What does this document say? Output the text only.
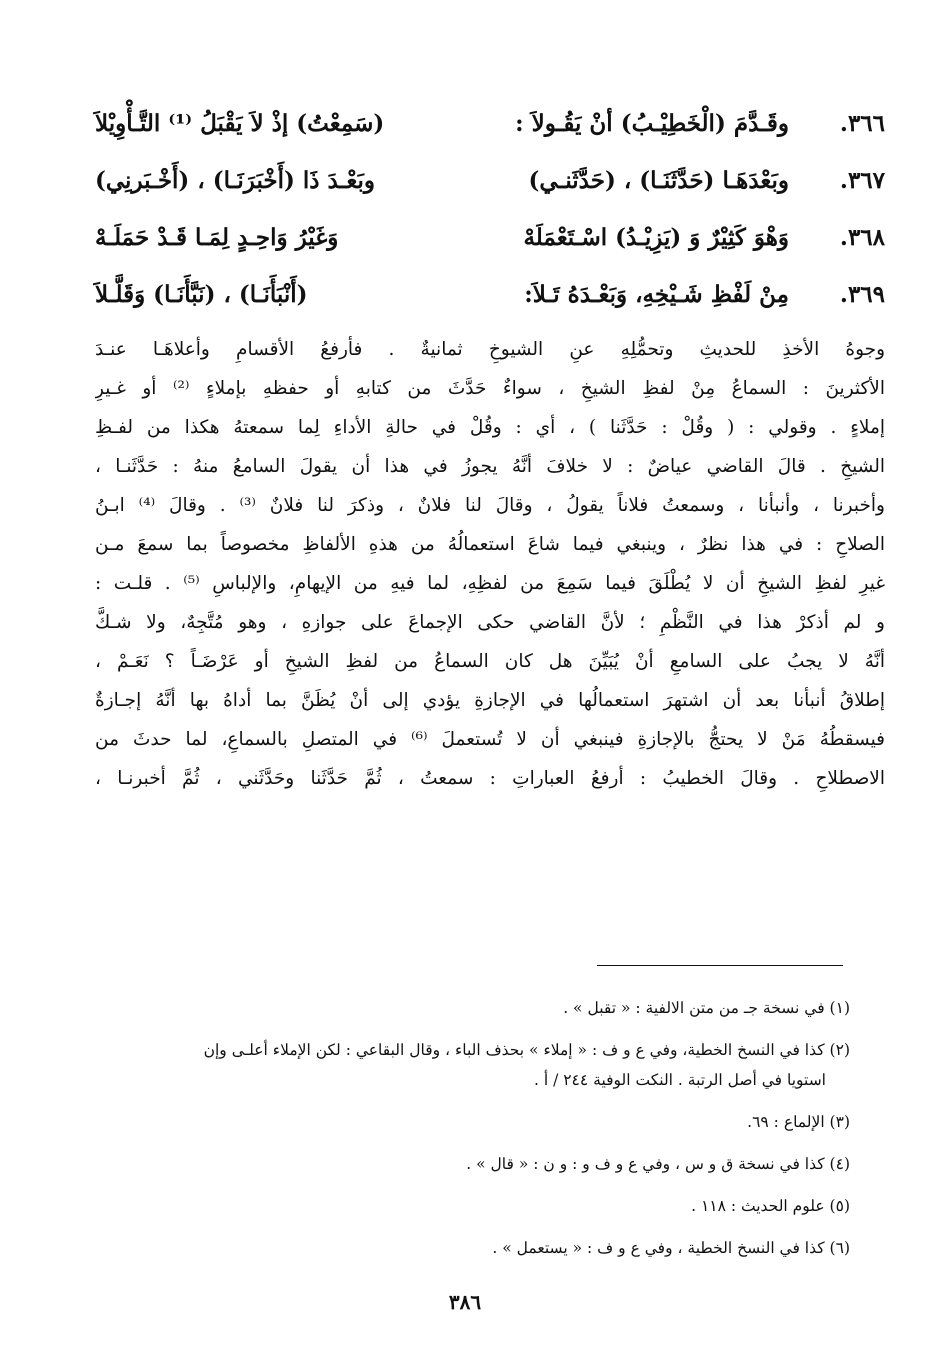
٣٦٦.
وقَـدَّمَ (الْخَطِيْـبُ) أنْ يَقُـولاَ :
(سَمِعْتُ) إذْ لاَ يَقْبَلُ ⁽¹⁾ التَّـأْوِيْلاَ
٣٦٧.
وبَعْدَهَـا (حَدَّثَنَـا) ، (حَدَّثَنـي)
وبَعْـدَ ذَا (أَخْبَرَنَـا) ، (أَخْـبَرنِي)
٣٦٨.
وَهْوَ كَثِيْرٌ وَ (يَزِيْـدُ) اسْـتَعْمَلَهْ
وَغَيْرُ وَاحِـدٍ لِمَـا قَـدْ حَمَلَـهْ
٣٦٩.
مِنْ لَفْظِ شَـيْخِهِ، وَبَعْـدَهُ تَـلاَ:
(أَنْبَأَنَـا) ، (نَبَّأَنَـا) وَقَلَّـلاَ
وجوهُ الأخذِ للحديثِ وتحمُّلِهِ عنِ الشيوخِ ثمانيةٌ . فأرفعُ الأقسامِ وأعلاهَـا عنـدَ
الأكثرينَ : السماعُ مِنْ لفظِ الشيخِ ، سواءٌ حَدَّثَ من كتابهِ أو حفظهِ بإملاءٍ ⁽²⁾ أو غـيرِ
إملاءٍ . وقولي : ( وقُلْ : حَدَّثَنا ) ، أي : وقُلْ في حالةِ الأداءِ لِما سمعتهُ هكذا من لفـظِ
الشيخِ . قالَ القاضي عياضٌ : لا خلافَ أنَّهُ يجوزُ في هذا أن يقولَ السامعُ منهُ : حَدَّثَنـا ،
وأخبرنا ، وأنبأنا ، وسمعتُ فلاناً يقولُ ، وقالَ لنا فلانٌ ، وذكرَ لنا فلانٌ ⁽³⁾ . وقالَ ⁽⁴⁾ ابـنُ
الصلاحِ : في هذا نظرٌ ، وينبغي فيما شاعَ استعمالُهُ من هذهِ الألفاظِ مخصوصاً بما سمعَ مـن
غيرِ لفظِ الشيخِ أن لا يُطْلَقَ فيما سَمِعَ من لفظِهِ، لما فيهِ من الإيهامِ، والإلباسِ ⁽⁵⁾ . قلـت :
و لم أذكرْ هذا في النَّظْمِ ؛ لأنَّ القاضي حكى الإجماعَ على جوازهِ ، وهو مُتَّجِهٌ، ولا شـكَّ
أنَّهُ لا يجبُ على السامعِ أنْ يُبَيِّنَ هل كان السماعُ من لفظِ الشيخِ أو عَرْضَـاً ؟ نَعَـمْ ،
إطلاقُ أنبأنا بعد أن اشتهرَ استعمالُها في الإجازةِ يؤدي إلى أنْ يُظَنَّ بما أداهُ بها أنَّهُ إجـازةٌ
فيسقطُهُ مَنْ لا يحتجُّ بالإجازةِ فينبغي أن لا تُستعملَ ⁽⁶⁾ في المتصلِ بالسماعِ، لما حدثَ من
الاصطلاحِ . وقالَ الخطيبُ : أرفعُ العباراتِ : سمعتُ ، ثُمَّ حَدَّثَنا وحَدَّثَني ، ثُمَّ أخبرنـا ،

(١) في نسخة جـ من متن الالفية : « تقبل » .

(٢) كذا في النسخ الخطية، وفي ع و ف : « إملاء » بحذف الباء ، وقال البقاعي : لكن الإملاء أعلـى وإن
استويا في أصل الرتبة . النكت الوفية ٢٤٤ / أ .

(٣) الإلماع : ٦٩.

(٤) كذا في نسخة ق و س ، وفي ع و ف و : و ن : « قال » .

(٥) علوم الحديث : ١١٨ .

(٦) كذا في النسخ الخطية ، وفي ع و ف : « يستعمل » .

٣٨٦
